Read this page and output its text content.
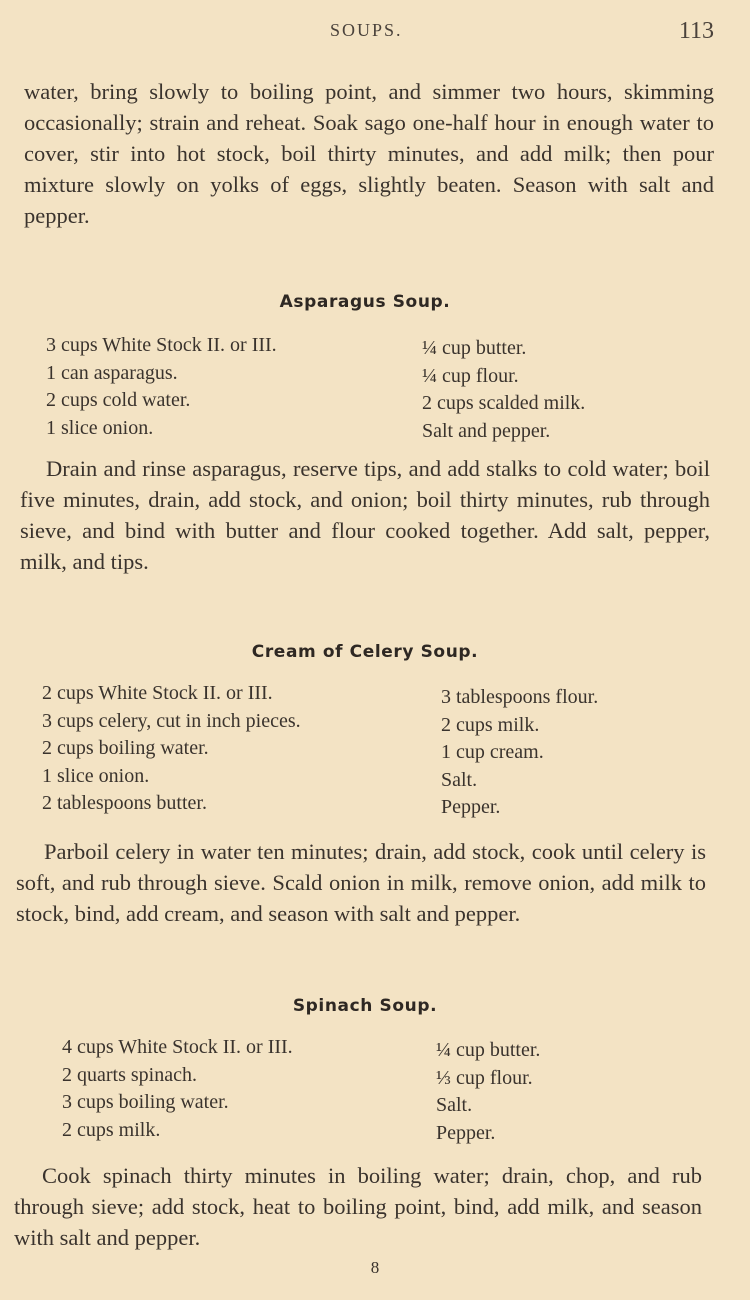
SOUPS.	113

water, bring slowly to boiling point, and simmer two hours, skimming occasionally; strain and reheat. Soak sago one-half hour in enough water to cover, stir into hot stock, boil thirty minutes, and add milk; then pour mixture slowly on yolks of eggs, slightly beaten. Season with salt and pepper.

Asparagus Soup.
3 cups White Stock II. or III.
1 can asparagus.
2 cups cold water.
1 slice onion.
¼ cup butter.
¼ cup flour.
2 cups scalded milk.
Salt and pepper.

Drain and rinse asparagus, reserve tips, and add stalks to cold water; boil five minutes, drain, add stock, and onion; boil thirty minutes, rub through sieve, and bind with butter and flour cooked together. Add salt, pepper, milk, and tips.

Cream of Celery Soup.
2 cups White Stock II. or III.
3 cups celery, cut in inch pieces.
2 cups boiling water.
1 slice onion.
2 tablespoons butter.
3 tablespoons flour.
2 cups milk.
1 cup cream.
Salt.
Pepper.

Parboil celery in water ten minutes; drain, add stock, cook until celery is soft, and rub through sieve. Scald onion in milk, remove onion, add milk to stock, bind, add cream, and season with salt and pepper.

Spinach Soup.
4 cups White Stock II. or III.
2 quarts spinach.
3 cups boiling water.
2 cups milk.
¼ cup butter.
⅓ cup flour.
Salt.
Pepper.

Cook spinach thirty minutes in boiling water; drain, chop, and rub through sieve; add stock, heat to boiling point, bind, add milk, and season with salt and pepper.

8
